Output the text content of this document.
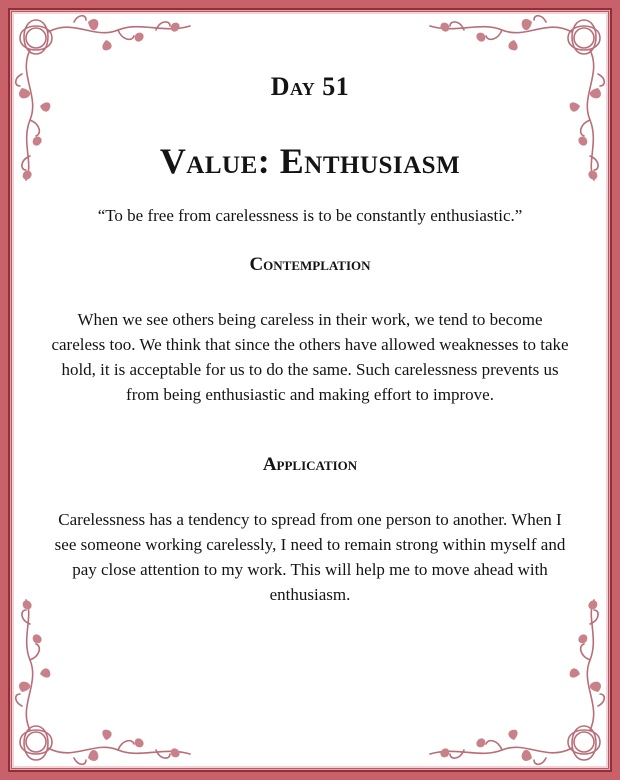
Day 51
Value: Enthusiasm

“To be free from carelessness is to be constantly enthusiastic.”

Contemplation

When we see others being careless in their work, we tend to become careless too. We think that since the others have allowed weaknesses to take hold, it is acceptable for us to do the same. Such carelessness prevents us from being enthusiastic and making effort to improve.

Application

Carelessness has a tendency to spread from one person to another. When I see someone working carelessly, I need to remain strong within myself and pay close attention to my work. This will help me to move ahead with enthusiasm.
